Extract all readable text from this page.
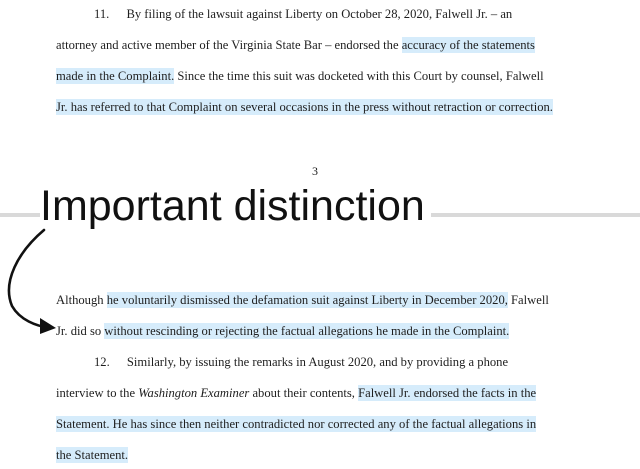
11. By filing of the lawsuit against Liberty on October 28, 2020, Falwell Jr. – an
attorney and active member of the Virginia State Bar – endorsed the accuracy of the statements
made in the Complaint. Since the time this suit was docketed with this Court by counsel, Falwell
Jr. has referred to that Complaint on several occasions in the press without retraction or correction.
3
Important distinction
Although he voluntarily dismissed the defamation suit against Liberty in December 2020, Falwell
Jr. did so without rescinding or rejecting the factual allegations he made in the Complaint.
12. Similarly, by issuing the remarks in August 2020, and by providing a phone
interview to the Washington Examiner about their contents, Falwell Jr. endorsed the facts in the
Statement. He has since then neither contradicted nor corrected any of the factual allegations in
the Statement.
